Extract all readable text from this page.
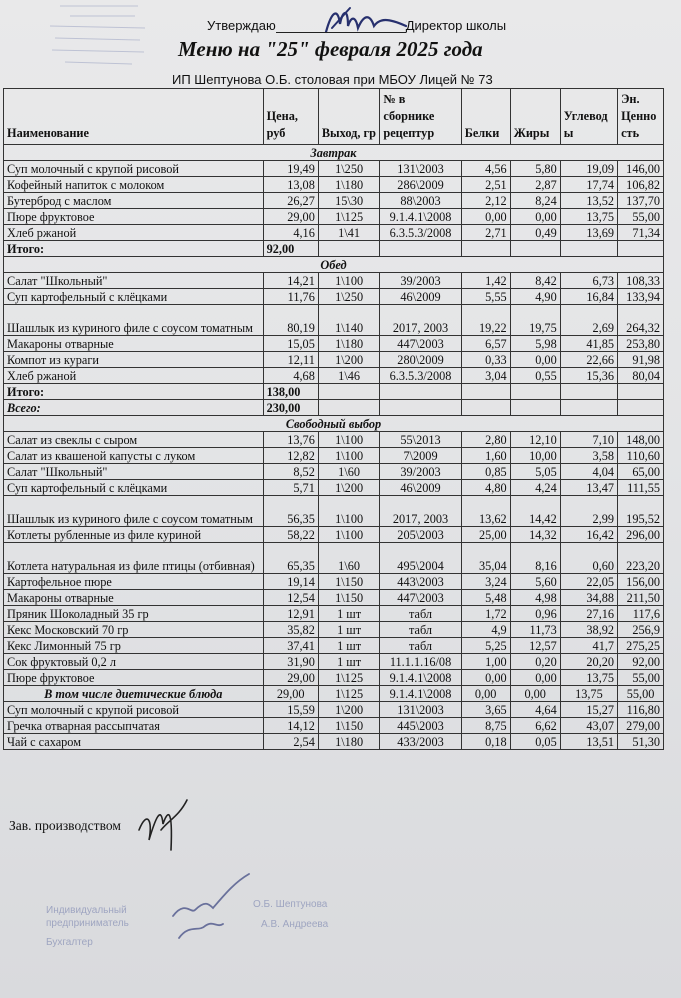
Утверждаю	Директор школы
Меню на "25" февраля 2025 года
ИП Шептунова О.Б. столовая при МБОУ Лицей № 73
Наименование	Цена, руб	Выход, гр	№ в сборнике рецептур	Белки	Жиры	Углевод ы	Эн. Ценно сть
Завтрак							
Суп молочный с крупой рисовой	19,49	1\250	131\2003	4,56	5,80	19,09	146,00
Кофейный напиток с молоком	13,08	1\180	286\2009	2,51	2,87	17,74	106,82
Бутерброд с маслом	26,27	15\30	88\2003	2,12	8,24	13,52	137,70
Пюре фруктовое	29,00	1\125	9.1.4.1\2008	0,00	0,00	13,75	55,00
Хлеб ржаной	4,16	1\41	6.3.5.3/2008	2,71	0,49	13,69	71,34
Итого:	92,00						
Обед							
Салат "Школьный"	14,21	1\100	39/2003	1,42	8,42	6,73	108,33
Суп картофельный с клёцками	11,76	1\250	46\2009	5,55	4,90	16,84	133,94
Шашлык из куриного филе с соусом томатным	80,19	1\140	2017, 2003	19,22	19,75	2,69	264,32
Макароны отварные	15,05	1\180	447\2003	6,57	5,98	41,85	253,80
Компот из кураги	12,11	1\200	280\2009	0,33	0,00	22,66	91,98
Хлеб ржаной	4,68	1\46	6.3.5.3/2008	3,04	0,55	15,36	80,04
Итого:	138,00						
Всего:	230,00						
Свободный выбор							
Салат из свеклы с сыром	13,76	1\100	55\2013	2,80	12,10	7,10	148,00
Салат из квашеной капусты с луком	12,82	1\100	7\2009	1,60	10,00	3,58	110,60
Салат "Школьный"	8,52	1\60	39/2003	0,85	5,05	4,04	65,00
Суп картофельный с клёцками	5,71	1\200	46\2009	4,80	4,24	13,47	111,55
Шашлык из куриного филе с соусом томатным	56,35	1\100	2017, 2003	13,62	14,42	2,99	195,52
Котлеты рубленные из филе куриной	58,22	1\100	205\2003	25,00	14,32	16,42	296,00
Котлета натуральная из филе птицы (отбивная)	65,35	1\60	495\2004	35,04	8,16	0,60	223,20
Картофельное пюре	19,14	1\150	443\2003	3,24	5,60	22,05	156,00
Макароны отварные	12,54	1\150	447\2003	5,48	4,98	34,88	211,50
Пряник Шоколадный 35 гр	12,91	1 шт	табл	1,72	0,96	27,16	117,6
Кекс Московский 70 гр	35,82	1 шт	табл	4,9	11,73	38,92	256,9
Кекс Лимонный 75 гр	37,41	1 шт	табл	5,25	12,57	41,7	275,25
Сок фруктовый 0,2 л	31,90	1 шт	11.1.1.16/08	1,00	0,20	20,20	92,00
Пюре фруктовое	29,00	1\125	9.1.4.1\2008	0,00	0,00	13,75	55,00
В том числе диетические блюда	29,00	1\125	9.1.4.1\2008	0,00	0,00	13,75	55,00
Суп молочный с крупой рисовой	15,59	1\200	131\2003	3,65	4,64	15,27	116,80
Гречка отварная рассыпчатая	14,12	1\150	445\2003	8,75	6,62	43,07	279,00
Чай с сахаром	2,54	1\180	433/2003	0,18	0,05	13,51	51,30
Зав. производством
Индивидуальный
предприниматель
Бухгалтер
О.Б. Шептунова
А.В. Андреева
